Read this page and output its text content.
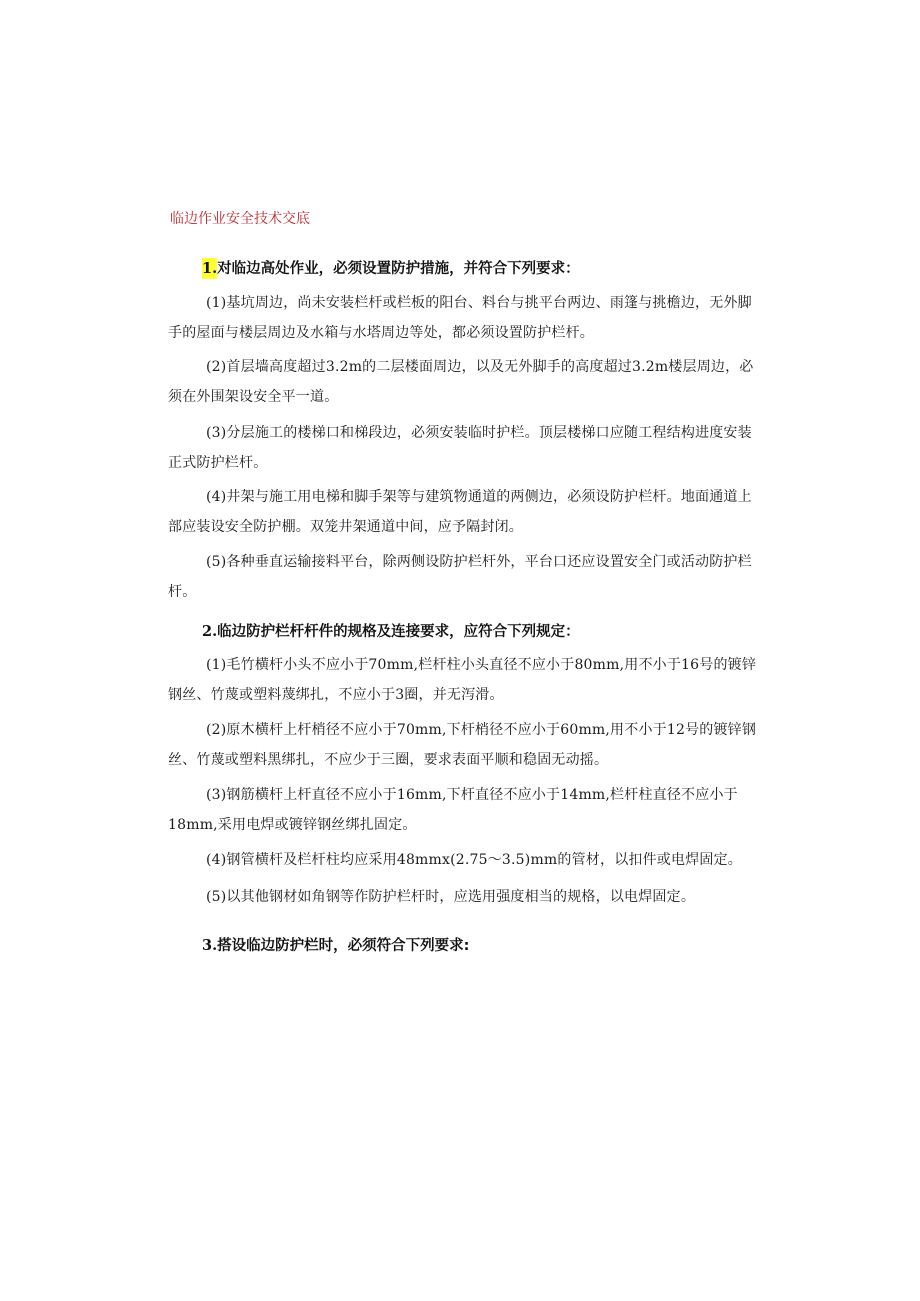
临边作业安全技术交底
1.对临边高处作业，必须设置防护措施，并符合下列要求：

(1)基坑周边，尚未安装栏杆或栏板的阳台、料台与挑平台两边、雨篷与挑檐边，无外脚手的屋面与楼层周边及水箱与水塔周边等处，都必须设置防护栏杆。

(2)首层墙高度超过3.2m的二层楼面周边，以及无外脚手的高度超过3.2m楼层周边，必须在外围架设安全平一道。

(3)分层施工的楼梯口和梯段边，必须安装临时护栏。顶层楼梯口应随工程结构进度安装正式防护栏杆。

(4)井架与施工用电梯和脚手架等与建筑物通道的两侧边，必须设防护栏杆。地面通道上部应装设安全防护棚。双笼井架通道中间，应予隔封闭。

(5)各种垂直运输接料平台，除两侧设防护栏杆外，平台口还应设置安全门或活动防护栏杆。

2.临边防护栏杆杆件的规格及连接要求，应符合下列规定：

(1)毛竹横杆小头不应小于70mm,栏杆柱小头直径不应小于80mm,用不小于16号的镀锌钢丝、竹蔑或塑料蔑绑扎，不应小于3圈，并无泻滑。

(2)原木横杆上杆梢径不应小于70mm,下杆梢径不应小于60mm,用不小于12号的镀锌钢丝、竹蔑或塑料黑绑扎，不应少于三圈，要求表面平顺和稳固无动摇。

(3)钢筋横杆上杆直径不应小于16mm,下杆直径不应小于14mm,栏杆柱直径不应小于18mm,采用电焊或镀锌钢丝绑扎固定。

(4)钢管横杆及栏杆柱均应采用48mmx(2.75～3.5)mm的管材，以扣件或电焊固定。

(5)以其他钢材如角钢等作防护栏杆时，应选用强度相当的规格，以电焊固定。

3.搭设临边防护栏时，必须符合下列要求:
